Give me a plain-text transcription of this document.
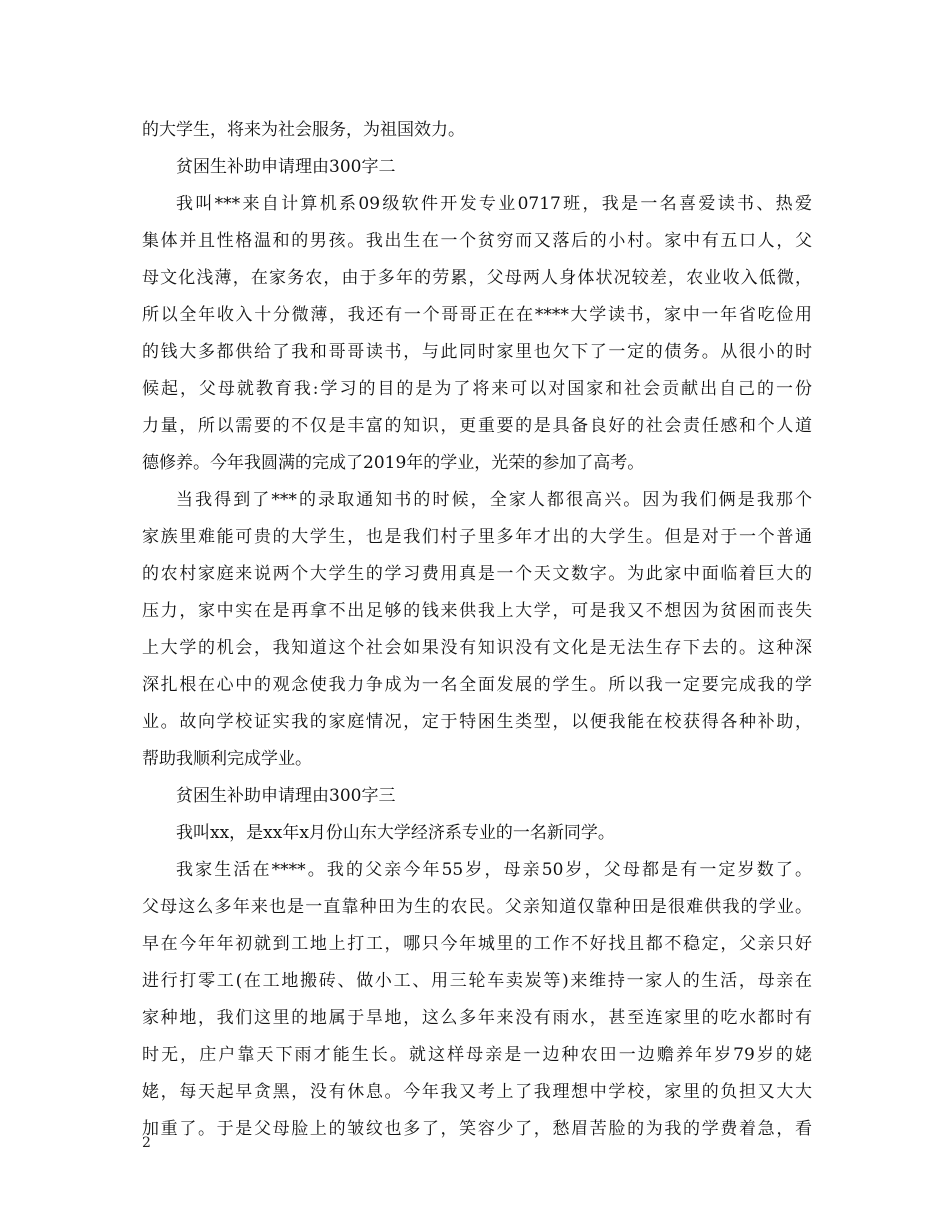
的大学生，将来为社会服务，为祖国效力。
贫困生补助申请理由300字二
我叫***来自计算机系09级软件开发专业0717班，我是一名喜爱读书、热爱
集体并且性格温和的男孩。我出生在一个贫穷而又落后的小村。家中有五口人，父
母文化浅薄，在家务农，由于多年的劳累，父母两人身体状况较差，农业收入低微，
所以全年收入十分微薄，我还有一个哥哥正在在****大学读书，家中一年省吃俭用
的钱大多都供给了我和哥哥读书，与此同时家里也欠下了一定的债务。从很小的时
候起，父母就教育我:学习的目的是为了将来可以对国家和社会贡献出自己的一份
力量，所以需要的不仅是丰富的知识，更重要的是具备良好的社会责任感和个人道
德修养。今年我圆满的完成了2019年的学业，光荣的参加了高考。
当我得到了***的录取通知书的时候，全家人都很高兴。因为我们俩是我那个
家族里难能可贵的大学生，也是我们村子里多年才出的大学生。但是对于一个普通
的农村家庭来说两个大学生的学习费用真是一个天文数字。为此家中面临着巨大的
压力，家中实在是再拿不出足够的钱来供我上大学，可是我又不想因为贫困而丧失
上大学的机会，我知道这个社会如果没有知识没有文化是无法生存下去的。这种深
深扎根在心中的观念使我力争成为一名全面发展的学生。所以我一定要完成我的学
业。故向学校证实我的家庭情况，定于特困生类型，以便我能在校获得各种补助，
帮助我顺利完成学业。
贫困生补助申请理由300字三
我叫xx，是xx年x月份山东大学经济系专业的一名新同学。
我家生活在****。我的父亲今年55岁，母亲50岁，父母都是有一定岁数了。
父母这么多年来也是一直靠种田为生的农民。父亲知道仅靠种田是很难供我的学业。
早在今年年初就到工地上打工，哪只今年城里的工作不好找且都不稳定，父亲只好
进行打零工(在工地搬砖、做小工、用三轮车卖炭等)来维持一家人的生活，母亲在
家种地，我们这里的地属于旱地，这么多年来没有雨水，甚至连家里的吃水都时有
时无，庄户靠天下雨才能生长。就这样母亲是一边种农田一边赡养年岁79岁的姥
姥，每天起早贪黑，没有休息。今年我又考上了我理想中学校，家里的负担又大大
加重了。于是父母脸上的皱纹也多了，笑容少了，愁眉苦脸的为我的学费着急，看
2
